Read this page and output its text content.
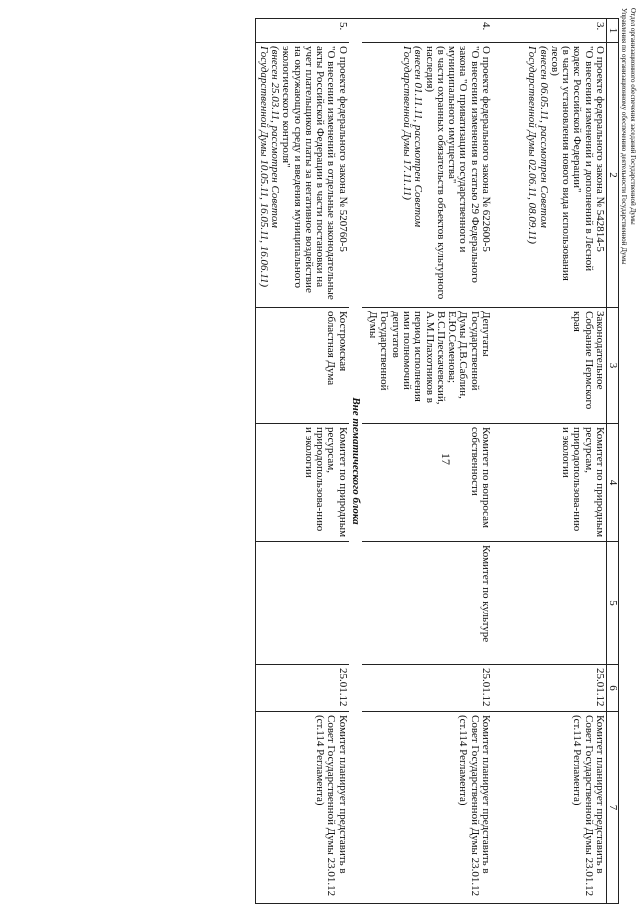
Отдел организационного обеспечения заседаний Государственной Думы
Управления по организационному обеспечению деятельности Государственной Думы
17
1	2	3	4	5	6	7
3.	О проекте федерального закона № 542814-5
"О внесении изменений и дополнений в Лесной кодекс Российской Федерации"
(в части установления нового вида использования лесов)
(внесен 06.05.11, рассмотрен Советом Государственной Думы 02.06.11, 08.09.11)	Законодательное Собрание Пермского края	Комитет по природным ресурсам, природопользова-нию и экологии		25.01.12	Комитет планирует представить в Совет Государственной Думы 23.01.12 (ст.114 Регламента)
4.	О проекте федерального закона № 622600-5
"О внесении изменения в статью 29 Федерального закона "О приватизации государственного и муниципального имущества"
(в части охранных обязательств объектов культурного наследия)
(внесен 01.11.11, рассмотрен Советом Государственной Думы 17.11.11)	Депутаты Государственной Думы Д.В.Саблин, Е.Ю.Семенова; В.С.Плескачевский, А.М.Плахотников в период исполнения ими полномочий депутатов Государственной Думы	Комитет по вопросам собственности	Комитет по культуре	25.01.12	Комитет планирует представить в Совет Государственной Думы 23.01.12 (ст.114 Регламента)
Вне тематического блока						
5.	О проекте федерального закона № 520760-5
"О внесении изменений в отдельные законодательные акты Российской Федерации в части постановки на учет плательщиков платы за негативное воздействие на окружающую среду и введения муниципального экологического контроля"
(внесен 25.03.11, рассмотрен Советом Государственной Думы 10.05.11, 16.05.11, 16.06.11)	Костромская областная Дума	Комитет по природным ресурсам, природопользова-нию и экологии		25.01.12	Комитет планирует представить в Совет Государственной Думы 23.01.12 (ст.114 Регламента)
